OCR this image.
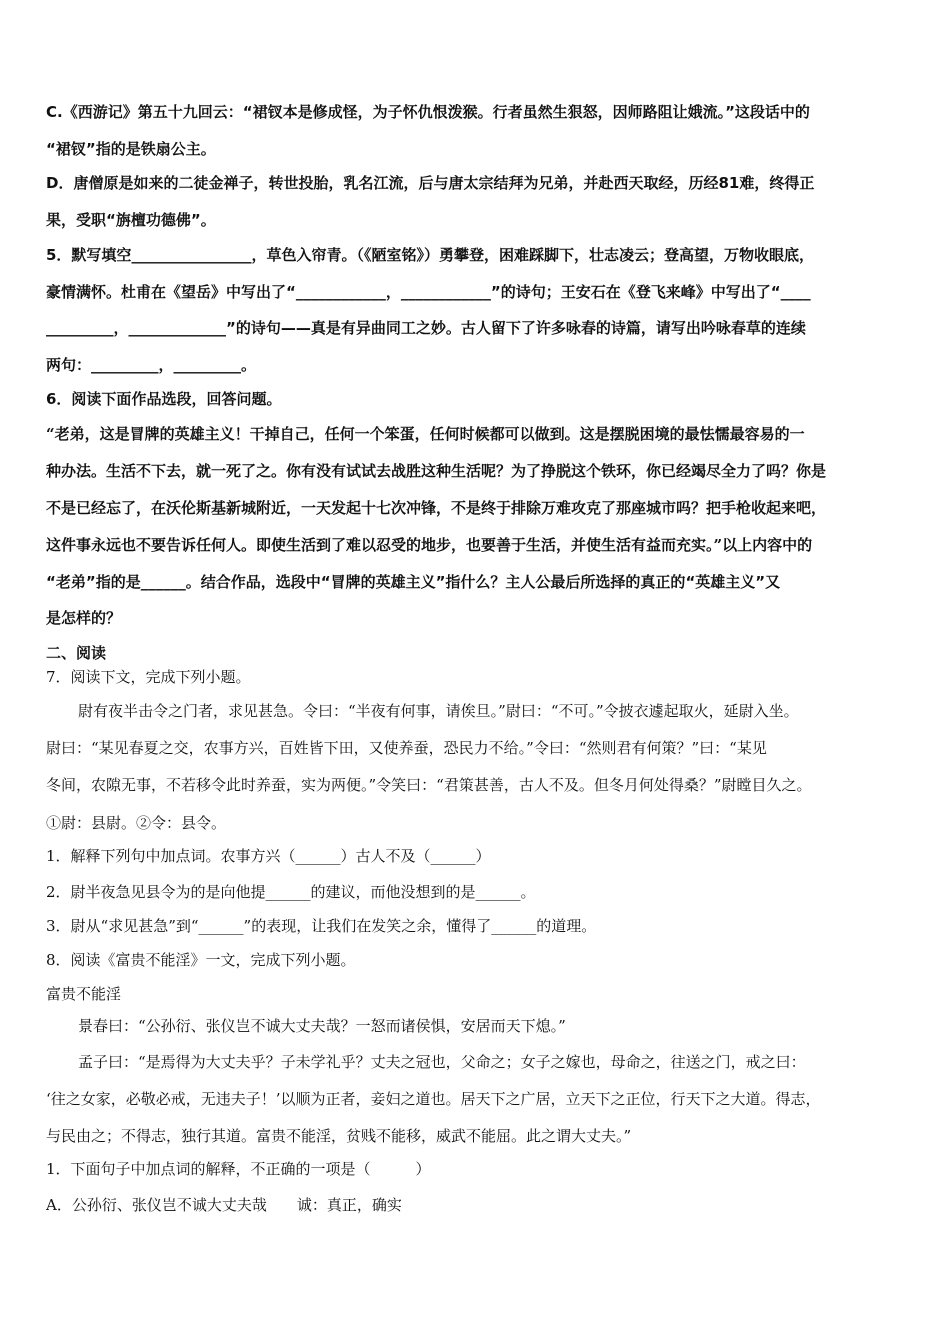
C.《西游记》第五十九回云：“裙钗本是修成怪，为子怀仇恨泼猴。行者虽然生狠怒，因师路阻让娥流。”这段话中的
“裙钗”指的是铁扇公主。
D．唐僧原是如来的二徒金禅子，转世投胎，乳名江流，后与唐太宗结拜为兄弟，并赴西天取经，历经81难，终得正
果，受职“旃檀功德佛”。
5．默写填空________________，草色入帘青。（《陋室铭》）勇攀登，困难踩脚下，壮志凌云；登高望，万物收眼底，
豪情满怀。杜甫在《望岳》中写出了“____________，____________”的诗句；王安石在《登飞来峰》中写出了“____
_________，_____________”的诗句——真是有异曲同工之妙。古人留下了许多咏春的诗篇，请写出吟咏春草的连续
两句：_________，_________。
6．阅读下面作品选段，回答问题。
“老弟，这是冒牌的英雄主义！干掉自己，任何一个笨蛋，任何时候都可以做到。这是摆脱困境的最怯懦最容易的一
种办法。生活不下去，就一死了之。你有没有试试去战胜这种生活呢？为了挣脱这个铁环，你已经竭尽全力了吗？你是
不是已经忘了，在沃伦斯基新城附近，一天发起十七次冲锋，不是终于排除万难攻克了那座城市吗？把手枪收起来吧，
这件事永远也不要告诉任何人。即使生活到了难以忍受的地步，也要善于生活，并使生活有益而充实。”以上内容中的
“老弟”指的是______。结合作品，选段中“冒牌的英雄主义”指什么？主人公最后所选择的真正的“英雄主义”又
是怎样的？
二、阅读
7．阅读下文，完成下列小题。
尉有夜半击令之门者，求见甚急。令曰：“半夜有何事，请俟旦。”尉曰：“不可。”令披衣遽起取火，延尉入坐。
尉曰：“某见春夏之交，农事方兴，百姓皆下田，又使养蚕，恐民力不给。”令曰：“然则君有何策？”曰：“某见
冬间，农隙无事，不若移令此时养蚕，实为两便。”令笑曰：“君策甚善，古人不及。但冬月何处得桑？”尉瞠目久之。
①尉：县尉。②令：县令。
1．解释下列句中加点词。农事方兴（______）古人不及（______）
2．尉半夜急见县令为的是向他提______的建议，而他没想到的是______。
3．尉从“求见甚急”到“______”的表现，让我们在发笑之余，懂得了______的道理。
8．阅读《富贵不能淫》一文，完成下列小题。
富贵不能淫
景春曰：“公孙衍、张仪岂不诚大丈夫哉？一怒而诸侯惧，安居而天下熄。”
孟子曰：“是焉得为大丈夫乎？子未学礼乎？丈夫之冠也，父命之；女子之嫁也，母命之，往送之门，戒之曰：
‘往之女家，必敬必戒，无违夫子！’以顺为正者，妾妇之道也。居天下之广居，立天下之正位，行天下之大道。得志，
与民由之；不得志，独行其道。富贵不能淫，贫贱不能移，威武不能屈。此之谓大丈夫。”
1．下面句子中加点词的解释，不正确的一项是（　　　）
A．公孙衍、张仪岂不诚大丈夫哉　　诚：真正，确实
